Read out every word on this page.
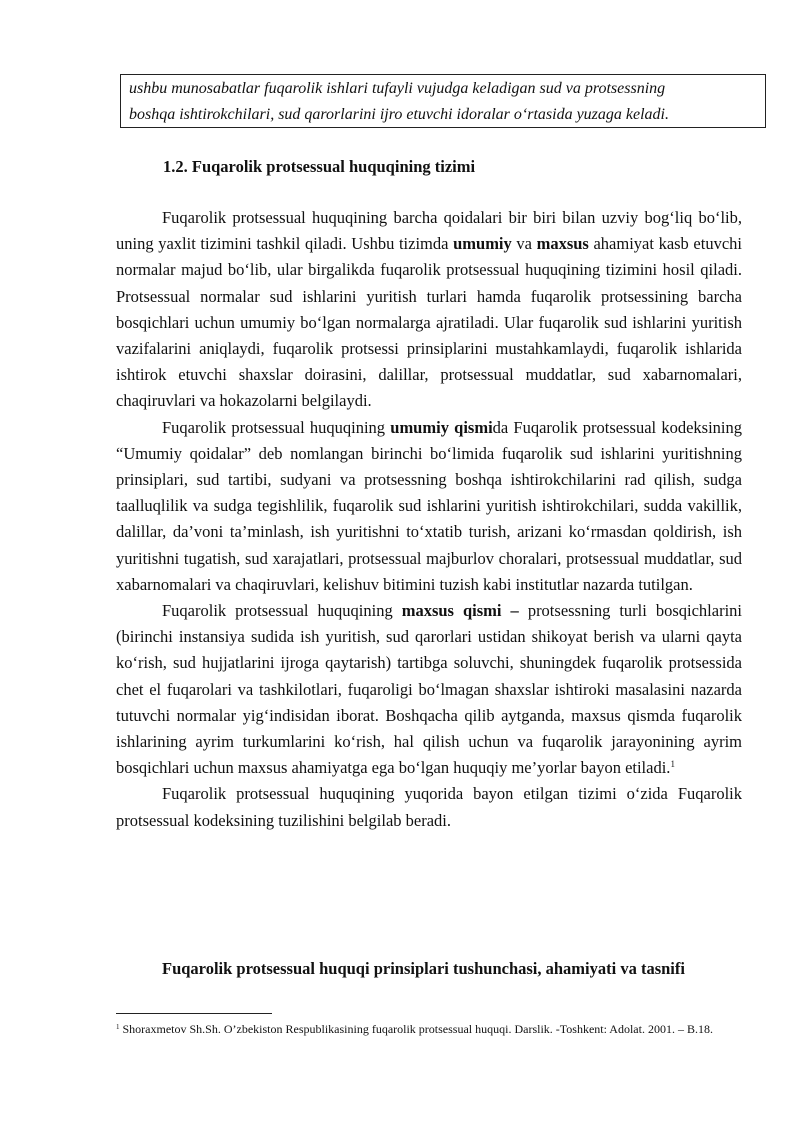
ushbu munosabatlar fuqarolik ishlari tufayli vujudga keladigan sud va protsessning
boshqa ishtirokchilari, sud qarorlarini ijro etuvchi idoralar o‘rtasida yuzaga keladi.
1.2. Fuqarolik protsessual huquqining tizimi

Fuqarolik protsessual huquqining barcha qoidalari bir biri bilan uzviy bog‘liq bo‘lib, uning yaxlit tizimini tashkil qiladi. Ushbu tizimda umumiy va maxsus ahamiyat kasb etuvchi normalar majud bo‘lib, ular birgalikda fuqarolik protsessual huquqining tizimini hosil qiladi. Protsessual normalar sud ishlarini yuritish turlari hamda fuqarolik protsessining barcha bosqichlari uchun umumiy bo‘lgan normalarga ajratiladi. Ular fuqarolik sud ishlarini yuritish vazifalarini aniqlaydi, fuqarolik protsessi prinsiplarini mustahkamlaydi, fuqarolik ishlarida ishtirok etuvchi shaxslar doirasini, dalillar, protsessual muddatlar, sud xabarnomalari, chaqiruvlari va hokazolarni belgilaydi.

Fuqarolik protsessual huquqining umumiy qismida Fuqarolik protsessual kodeksining “Umumiy qoidalar” deb nomlangan birinchi bo‘limida fuqarolik sud ishlarini yuritishning prinsiplari, sud tartibi, sudyani va protsessning boshqa ishtirokchilarini rad qilish, sudga taalluqlilik va sudga tegishlilik, fuqarolik sud ishlarini yuritish ishtirokchilari, sudda vakillik, dalillar, da’voni ta’minlash, ish yuritishni to‘xtatib turish, arizani ko‘rmasdan qoldirish, ish yuritishni tugatish, sud xarajatlari, protsessual majburlov choralari, protsessual muddatlar, sud xabarnomalari va chaqiruvlari, kelishuv bitimini tuzish kabi institutlar nazarda tutilgan.

Fuqarolik protsessual huquqining maxsus qismi – protsessning turli bosqichlarini (birinchi instansiya sudida ish yuritish, sud qarorlari ustidan shikoyat berish va ularni qayta ko‘rish, sud hujjatlarini ijroga qaytarish) tartibga soluvchi, shuningdek fuqarolik protsessida chet el fuqarolari va tashkilotlari, fuqaroligi bo‘lmagan shaxslar ishtiroki masalasini nazarda tutuvchi normalar yig‘indisidan iborat. Boshqacha qilib aytganda, maxsus qismda fuqarolik ishlarining ayrim turkumlarini ko‘rish, hal qilish uchun va fuqarolik jarayonining ayrim bosqichlari uchun maxsus ahamiyatga ega bo‘lgan huquqiy me’yorlar bayon etiladi.$^1$

Fuqarolik protsessual huquqining yuqorida bayon etilgan tizimi o‘zida Fuqarolik protsessual kodeksining tuzilishini belgilab beradi.

Fuqarolik protsessual huquqi prinsiplari tushunchasi, ahamiyati va tasnifi
$^1$ Shoraxmetov Sh.Sh. O’zbekiston Respublikasining fuqarolik protsessual huquqi. Darslik. -Toshkent: Adolat. 2001. – B.18.
